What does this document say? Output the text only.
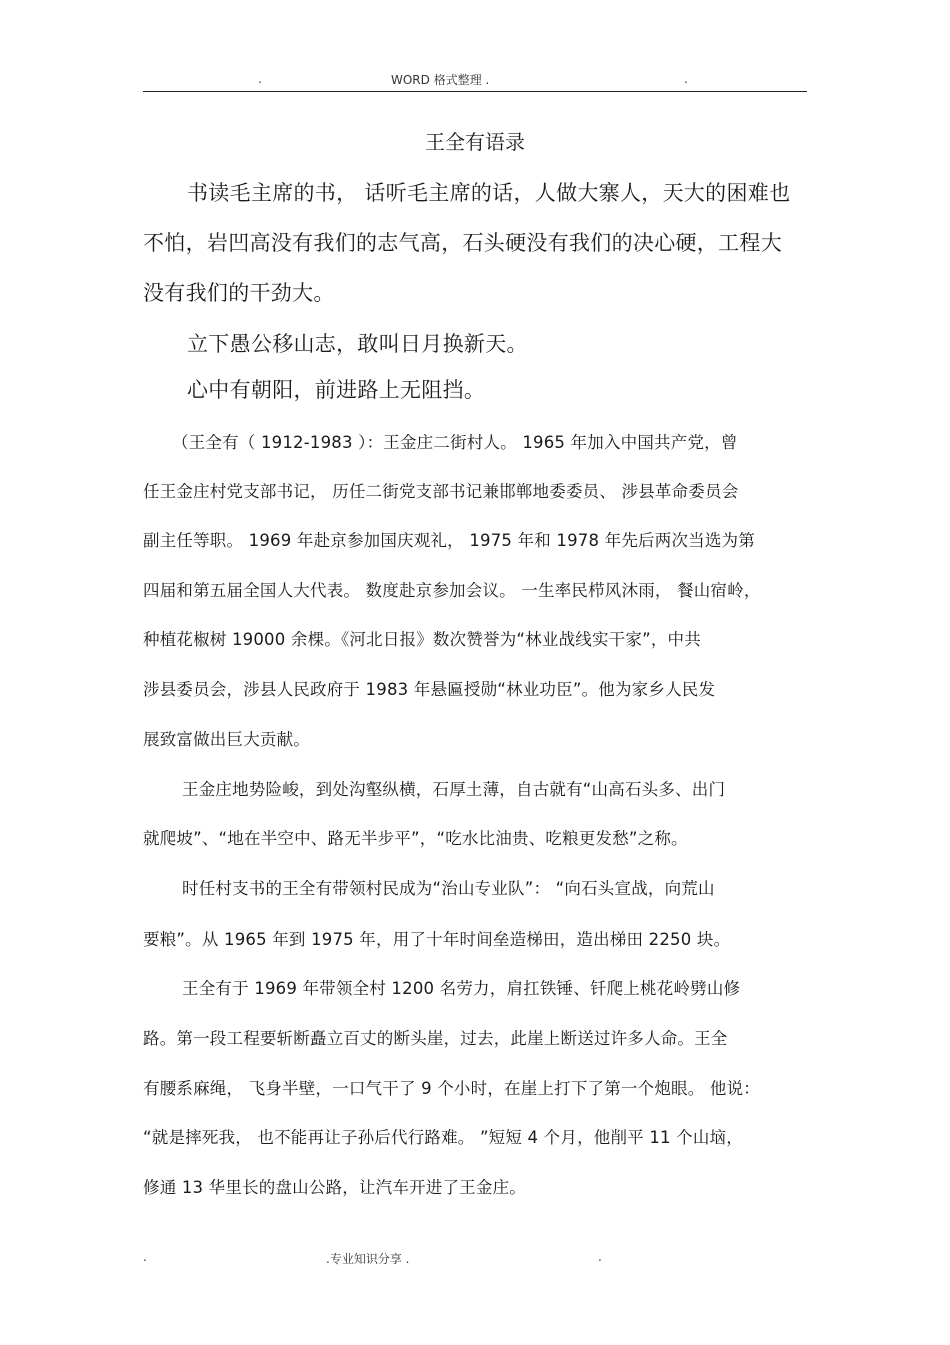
.	WORD 格式整理 .	.
王全有语录
书读毛主席的书， 话听毛主席的话，人做大寨人，天大的困难也
不怕，岩凹高没有我们的志气高，石头硬没有我们的决心硬，工程大
没有我们的干劲大。
立下愚公移山志，敢叫日月换新天。
心中有朝阳，前进路上无阻挡。
（王全有（ 1912-1983 ）：王金庄二街村人。 1965 年加入中国共产党，曾
任王金庄村党支部书记， 历任二街党支部书记兼邯郸地委委员、 涉县革命委员会
副主任等职。 1969 年赴京参加国庆观礼， 1975 年和 1978 年先后两次当选为第
四届和第五届全国人大代表。 数度赴京参加会议。 一生率民栉风沐雨， 餐山宿岭，
种植花椒树 19000 余棵。《河北日报》数次赞誉为“林业战线实干家”，中共
涉县委员会，涉县人民政府于 1983 年悬匾授勋“林业功臣”。他为家乡人民发
展致富做出巨大贡献。
王金庄地势险峻，到处沟壑纵横，石厚土薄，自古就有“山高石头多、出门
就爬坡”、“地在半空中、路无半步平”，“吃水比油贵、吃粮更发愁”之称。
时任村支书的王全有带领村民成为“治山专业队”： “向石头宣战，向荒山
要粮”。从 1965 年到 1975 年，用了十年时间垒造梯田，造出梯田 2250 块。
王全有于 1969 年带领全村 1200 名劳力，肩扛铁锤、钎爬上桃花岭劈山修
路。第一段工程要斩断矗立百丈的断头崖，过去，此崖上断送过许多人命。王全
有腰系麻绳， 飞身半壁，一口气干了 9 个小时，在崖上打下了第一个炮眼。 他说：
“就是摔死我， 也不能再让子孙后代行路难。 ”短短 4 个月，他削平 11 个山垴，
修通 13 华里长的盘山公路，让汽车开进了王金庄。
.	.专业知识分享 .	.
